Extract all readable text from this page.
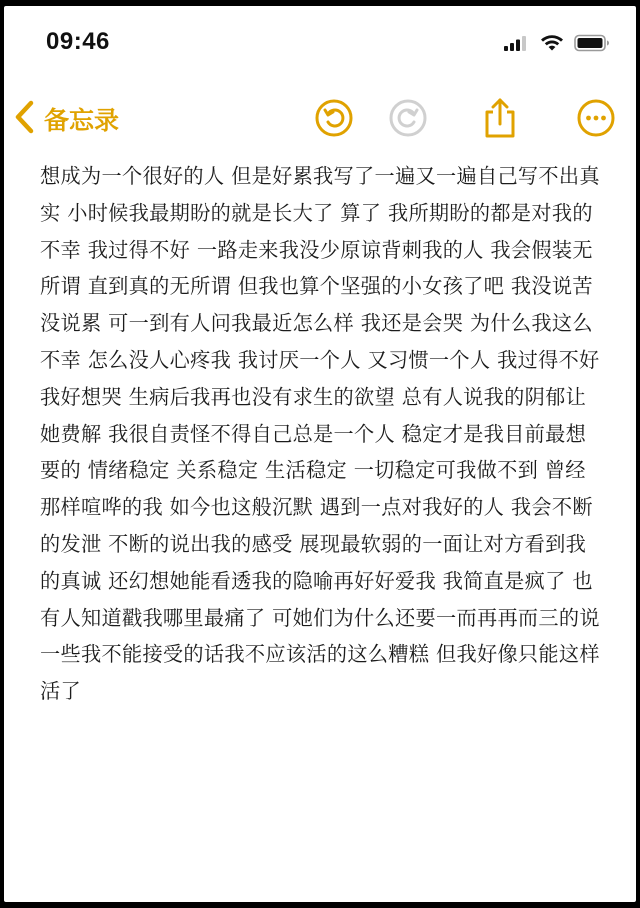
09:46
备忘录
想成为一个很好的人 但是好累我写了一遍又一遍自己写不出真实 小时候我最期盼的就是长大了 算了 我所期盼的都是对我的不幸 我过得不好 一路走来我没少原谅背刺我的人 我会假装无所谓 直到真的无所谓 但我也算个坚强的小女孩了吧 我没说苦 没说累 可一到有人问我最近怎么样 我还是会哭 为什么我这么不幸 怎么没人心疼我 我讨厌一个人 又习惯一个人 我过得不好 我好想哭 生病后我再也没有求生的欲望 总有人说我的阴郁让她费解 我很自责怪不得自己总是一个人 稳定才是我目前最想要的 情绪稳定 关系稳定 生活稳定 一切稳定可我做不到 曾经那样喧哗的我 如今也这般沉默 遇到一点对我好的人 我会不断的发泄 不断的说出我的感受 展现最软弱的一面让对方看到我的真诚 还幻想她能看透我的隐喻再好好爱我 我简直是疯了 也有人知道戳我哪里最痛了 可她们为什么还要一而再再而三的说一些我不能接受的话我不应该活的这么糟糕 但我好像只能这样活了
